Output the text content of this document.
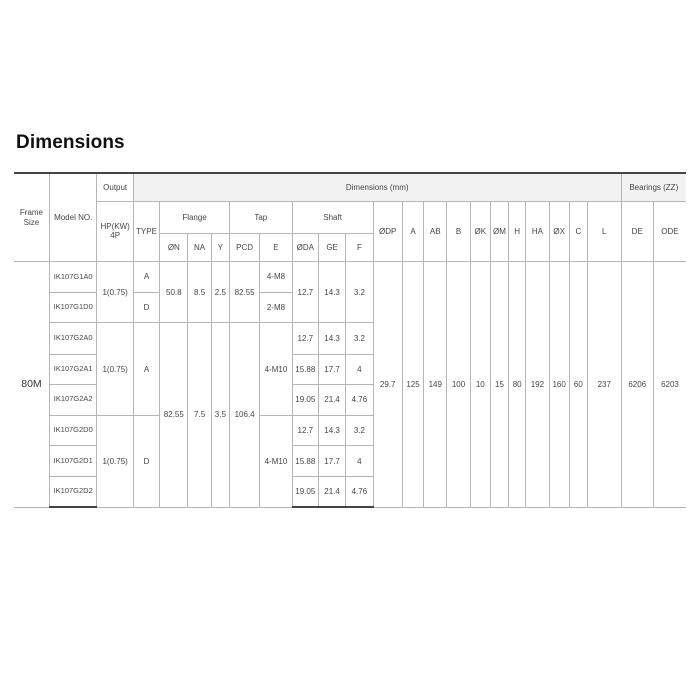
Dimensions
Frame Size	Model NO.	Output	Dimensions (mm)																				Bearings (ZZ)	
		HP(KW) 4P	TYPE	Flange			Tap		Shaft			ØDP	A	AB	B	ØK	ØM	H	HA	ØX	C	L	DE	ODE
				ØN	NA	Y	PCD	E	ØDA	GE	F													
80M	IK107G1A0	1(0.75)	A	50.8	8.5	2.5	82.55	4-M8	12.7	14.3	3.2	29.7	125	149	100	10	15	80	192	160	60	237	6206	6203
	IK107G1D0		D					2-M8																
	IK107G2A0	1(0.75)	A	82.55	7.5	3.5	106.4	4-M10	12.7	14.3	3.2													
	IK107G2A1								15.88	17.7	4													
	IK107G2A2								19.05	21.4	4.76													
	IK107G2D0	1(0.75)	D					4-M10	12.7	14.3	3.2													
	IK107G2D1								15.88	17.7	4													
	IK107G2D2								19.05	21.4	4.76													
